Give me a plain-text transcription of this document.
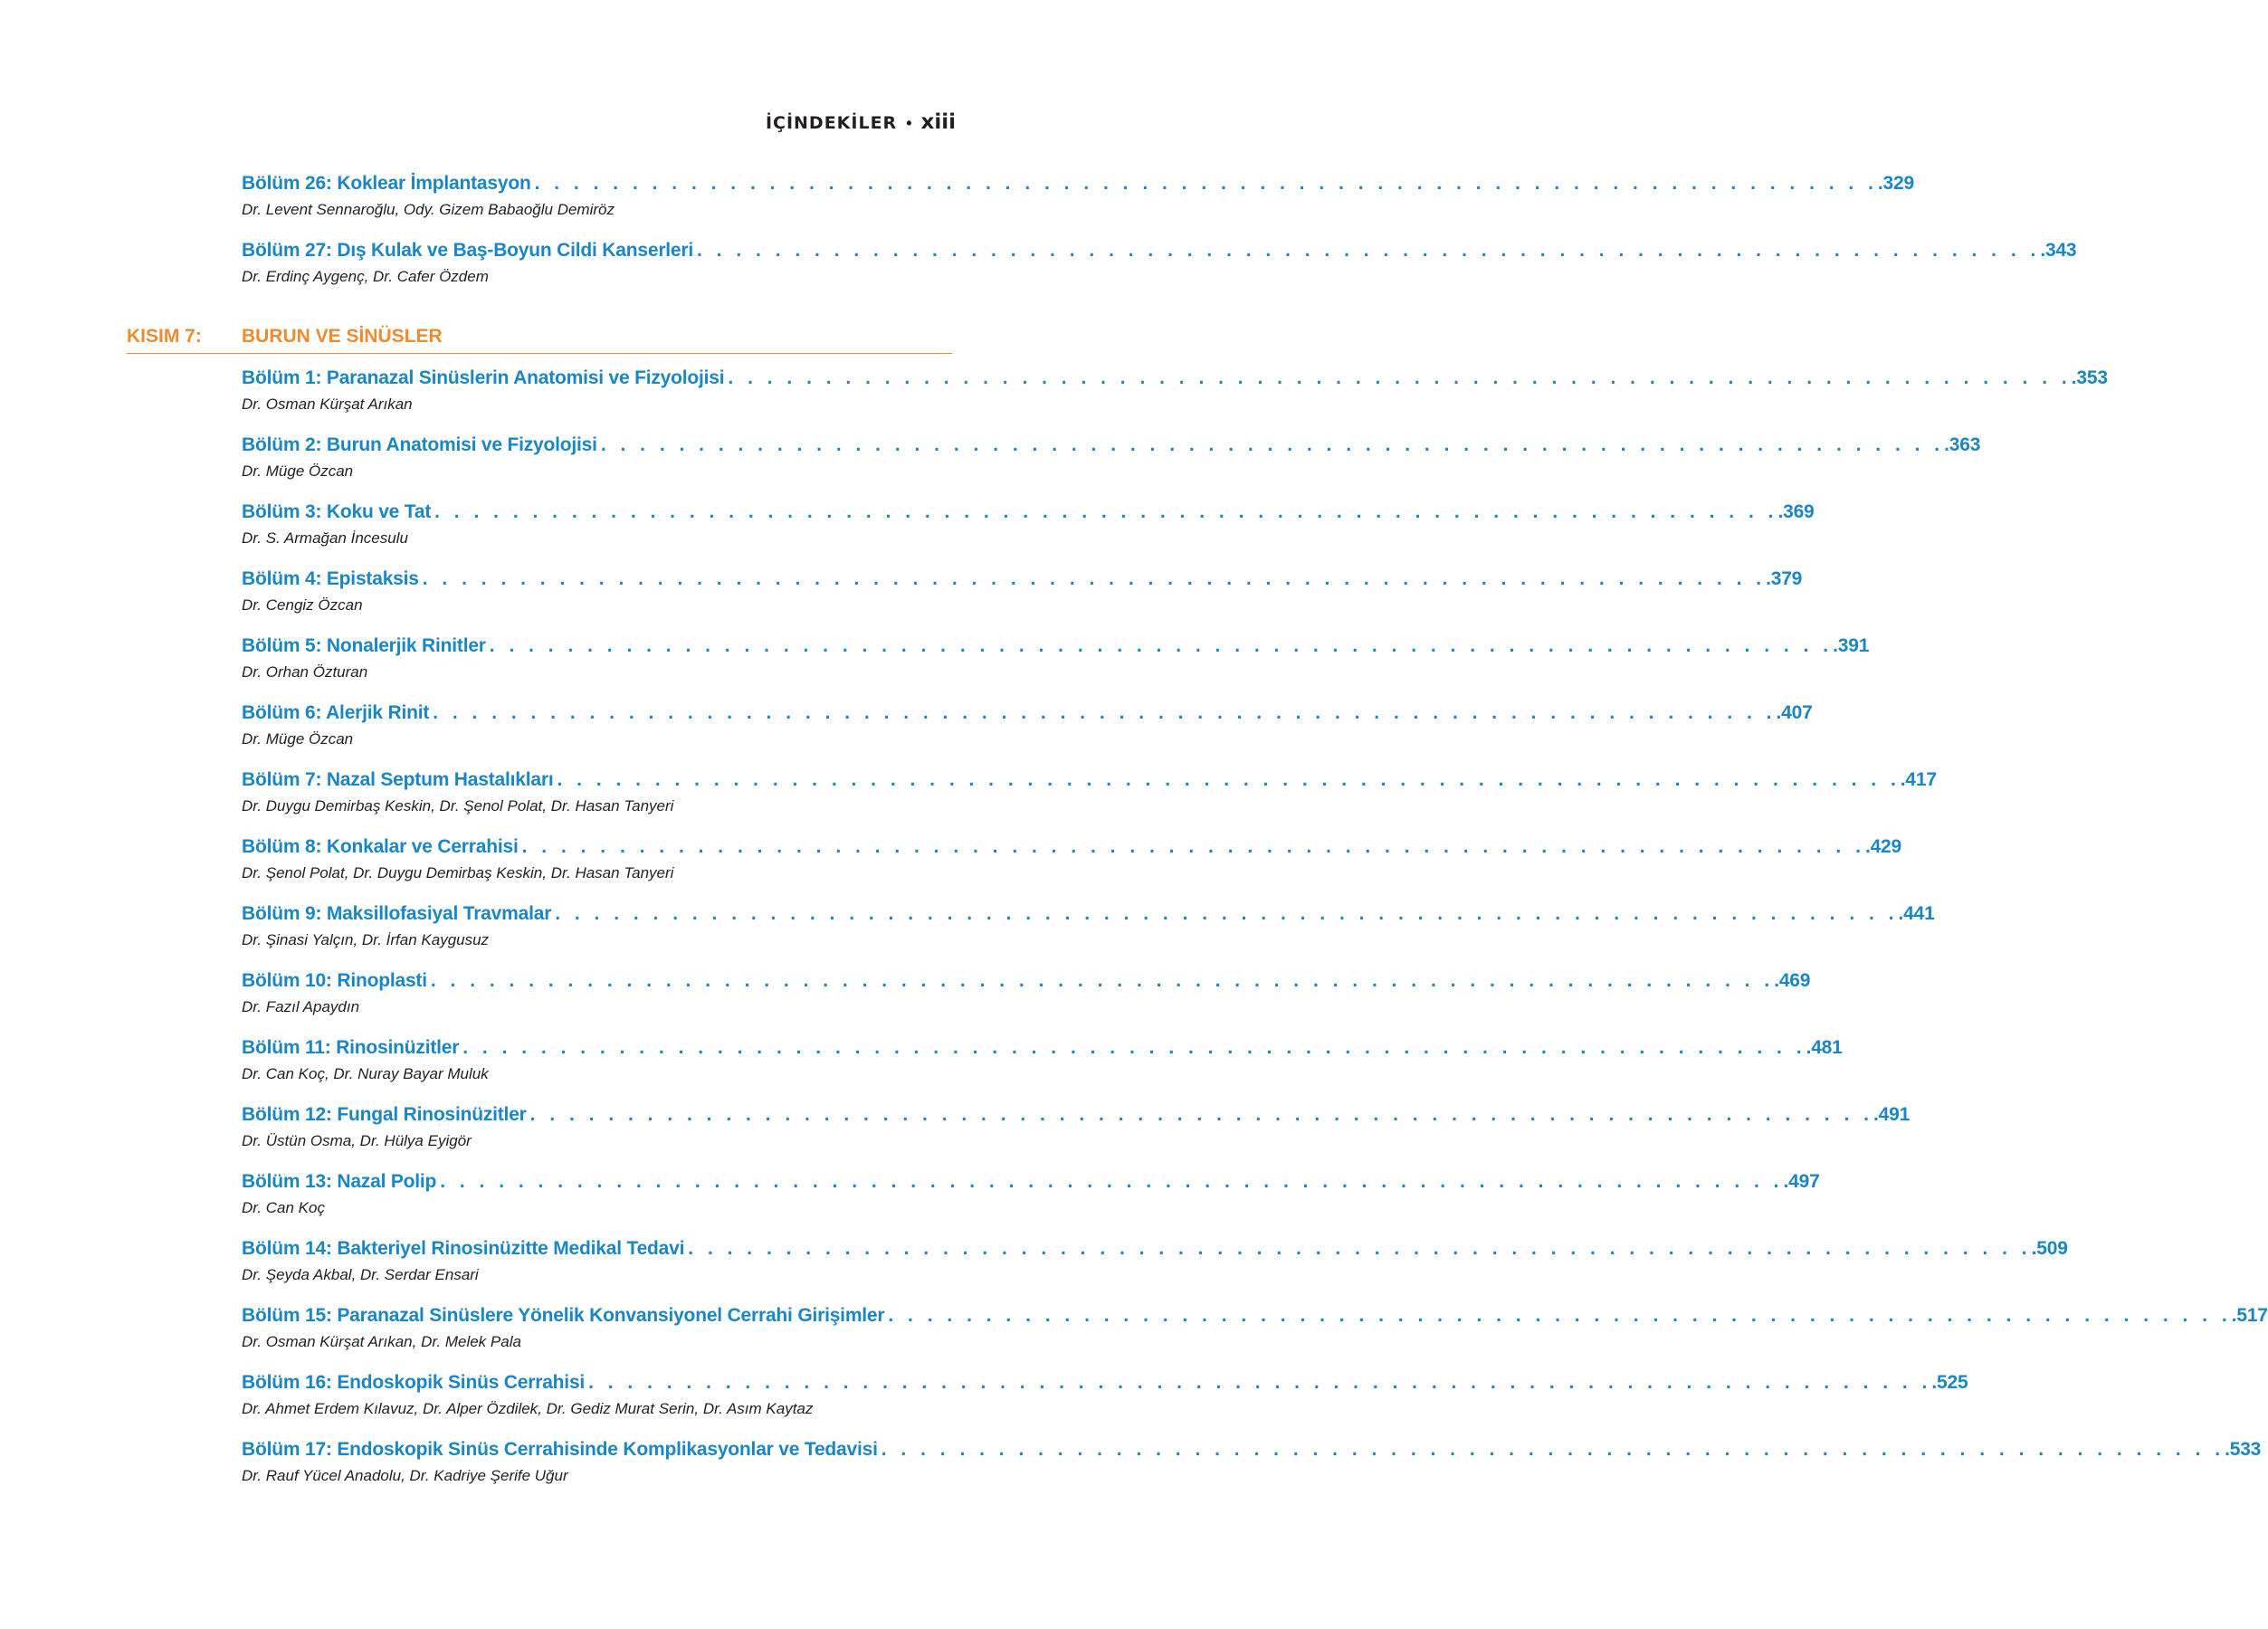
İÇİNDEKİLER • xiii
Bölüm 26: Koklear İmplantasyon . . . . . . . . . . . . . . . . . . . . . . . . . . . . . . . . . . . . . . . . . . . . . . . . . . . . . . . . . . . . . . . . . . . . . .329
Dr. Levent Sennaroğlu, Ody. Gizem Babaoğlu Demiröz
Bölüm 27: Dış Kulak ve Baş-Boyun Cildi Kanserleri . . . . . . . . . . . . . . . . . . . . . . . . . . . . . . . . . . . . . . . . . . . . . . . . . . . . . . . . . . . . . . . . . . . . . .343
Dr. Erdinç Aygenç, Dr. Cafer Özdem
KISIM 7: BURUN VE SİNÜSLER
Bölüm 1: Paranazal Sinüslerin Anatomisi ve Fizyolojisi . . . . . . . . . . . . . . . . . . . . . . . . . . . . . . . . . . . . . . . . . . . . . . . . . . . . . . . . . . . . . . . . . . . . . .353
Dr. Osman Kürşat Arıkan
Bölüm 2: Burun Anatomisi ve Fizyolojisi . . . . . . . . . . . . . . . . . . . . . . . . . . . . . . . . . . . . . . . . . . . . . . . . . . . . . . . . . . . . . . . . . . . . . .363
Dr. Müge Özcan
Bölüm 3: Koku ve Tat . . . . . . . . . . . . . . . . . . . . . . . . . . . . . . . . . . . . . . . . . . . . . . . . . . . . . . . . . . . . . . . . . . . . . .369
Dr. S. Armağan İncesulu
Bölüm 4: Epistaksis . . . . . . . . . . . . . . . . . . . . . . . . . . . . . . . . . . . . . . . . . . . . . . . . . . . . . . . . . . . . . . . . . . . . . .379
Dr. Cengiz Özcan
Bölüm 5: Nonalerjik Rinitler . . . . . . . . . . . . . . . . . . . . . . . . . . . . . . . . . . . . . . . . . . . . . . . . . . . . . . . . . . . . . . . . . . . . . .391
Dr. Orhan Özturan
Bölüm 6: Alerjik Rinit . . . . . . . . . . . . . . . . . . . . . . . . . . . . . . . . . . . . . . . . . . . . . . . . . . . . . . . . . . . . . . . . . . . . . .407
Dr. Müge Özcan
Bölüm 7: Nazal Septum Hastalıkları . . . . . . . . . . . . . . . . . . . . . . . . . . . . . . . . . . . . . . . . . . . . . . . . . . . . . . . . . . . . . . . . . . . . . .417
Dr. Duygu Demirbaş Keskin, Dr. Şenol Polat, Dr. Hasan Tanyeri
Bölüm 8: Konkalar ve Cerrahisi . . . . . . . . . . . . . . . . . . . . . . . . . . . . . . . . . . . . . . . . . . . . . . . . . . . . . . . . . . . . . . . . . . . . . .429
Dr. Şenol Polat, Dr. Duygu Demirbaş Keskin, Dr. Hasan Tanyeri
Bölüm 9: Maksillofasiyal Travmalar . . . . . . . . . . . . . . . . . . . . . . . . . . . . . . . . . . . . . . . . . . . . . . . . . . . . . . . . . . . . . . . . . . . . . .441
Dr. Şinasi Yalçın, Dr. İrfan Kaygusuz
Bölüm 10: Rinoplasti . . . . . . . . . . . . . . . . . . . . . . . . . . . . . . . . . . . . . . . . . . . . . . . . . . . . . . . . . . . . . . . . . . . . . .469
Dr. Fazıl Apaydın
Bölüm 11: Rinosinüzitler . . . . . . . . . . . . . . . . . . . . . . . . . . . . . . . . . . . . . . . . . . . . . . . . . . . . . . . . . . . . . . . . . . . . . .481
Dr. Can Koç, Dr. Nuray Bayar Muluk
Bölüm 12: Fungal Rinosinüzitler . . . . . . . . . . . . . . . . . . . . . . . . . . . . . . . . . . . . . . . . . . . . . . . . . . . . . . . . . . . . . . . . . . . . . .491
Dr. Üstün Osma, Dr. Hülya Eyigör
Bölüm 13: Nazal Polip . . . . . . . . . . . . . . . . . . . . . . . . . . . . . . . . . . . . . . . . . . . . . . . . . . . . . . . . . . . . . . . . . . . . . .497
Dr. Can Koç
Bölüm 14: Bakteriyel Rinosinüzitte Medikal Tedavi . . . . . . . . . . . . . . . . . . . . . . . . . . . . . . . . . . . . . . . . . . . . . . . . . . . . . . . . . . . . . . . . . . . . . .509
Dr. Şeyda Akbal, Dr. Serdar Ensari
Bölüm 15: Paranazal Sinüslere Yönelik Konvansiyonel Cerrahi Girişimler . . . . . . . . . . . . . . . . . . . . . . . . . . . . . . . . . . . . . . . . . . . . . . . . . . . . . . . . . . . . . . . . . . . . . .517
Dr. Osman Kürşat Arıkan, Dr. Melek Pala
Bölüm 16: Endoskopik Sinüs Cerrahisi . . . . . . . . . . . . . . . . . . . . . . . . . . . . . . . . . . . . . . . . . . . . . . . . . . . . . . . . . . . . . . . . . . . . . .525
Dr. Ahmet Erdem Kılavuz, Dr. Alper Özdilek, Dr. Gediz Murat Serin, Dr. Asım Kaytaz
Bölüm 17: Endoskopik Sinüs Cerrahisinde Komplikasyonlar ve Tedavisi . . . . . . . . . . . . . . . . . . . . . . . . . . . . . . . . . . . . . . . . . . . . . . . . . . . . . . . . . . . . . . . . . . . . . .533
Dr. Rauf Yücel Anadolu, Dr. Kadriye Şerife Uğur
